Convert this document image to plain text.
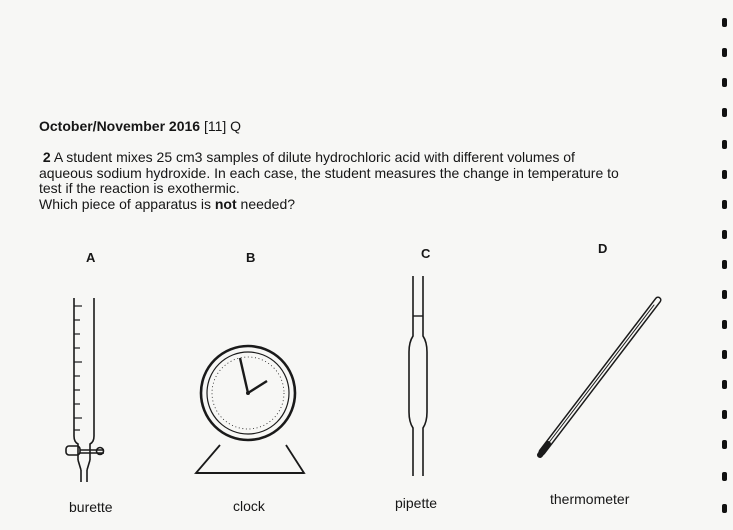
October/November 2016 [11] Q
2 A student mixes 25 cm3 samples of dilute hydrochloric acid with different volumes of
aqueous sodium hydroxide. In each case, the student measures the change in temperature to
test if the reaction is exothermic.
Which piece of apparatus is not needed?
A	B	C	D
burette	clock	pipette	thermometer
